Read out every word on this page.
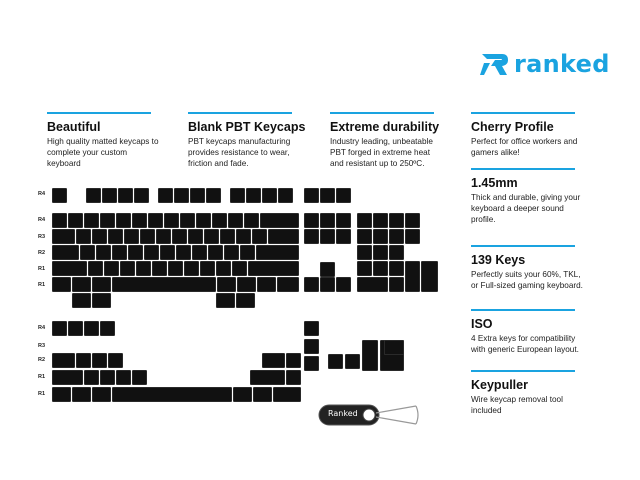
ranked
Beautiful
High quality matted keycaps to
complete your custom
keyboard
Blank PBT Keycaps
PBT keycaps manufacturing
provides resistance to wear,
friction and fade.
Extreme durability
Industry leading, unbeatable
PBT forged in extreme heat
and resistant up to 250ºC.
Cherry Profile
Perfect for office workers and
gamers alike!
1.45mm
Thick and durable, giving your
keyboard a deeper sound
profile.
139 Keys
Perfectly suits your 60%, TKL,
or Full-sized gaming keyboard.
ISO
4 Extra keys for compatibility
with generic European layout.
Keypuller
Wire keycap removal tool
included
R4
R4
R3
R2
R1
R1
R4
R3
R2
R1
R1
Ranked
